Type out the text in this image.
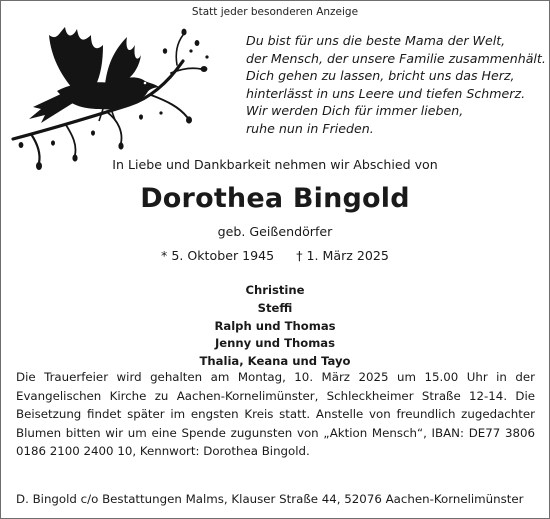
Statt jeder besonderen Anzeige
Du bist für uns die beste Mama der Welt,
der Mensch, der unsere Familie zusammenhält.
Dich gehen zu lassen, bricht uns das Herz,
hinterlässt in uns Leere und tiefen Schmerz.
Wir werden Dich für immer lieben,
ruhe nun in Frieden.
In Liebe und Dankbarkeit nehmen wir Abschied von
Dorothea Bingold
geb. Geißendörfer
* 5. Oktober 1945 † 1. März 2025
Christine
Steffi
Ralph und Thomas
Jenny und Thomas
Thalia, Keana und Tayo
Die Trauerfeier wird gehalten am Montag, 10. März 2025 um 15.00 Uhr in der Evangelischen Kirche zu Aachen-Kornelimünster, Schleckheimer Straße 12-14. Die Beisetzung findet später im engsten Kreis statt. Anstelle von freundlich zugedachter Blumen bitten wir um eine Spende zugunsten von „Aktion Mensch“, IBAN: DE77 3806 0186 2100 2400 10, Kennwort: Dorothea Bingold.
D. Bingold c/o Bestattungen Malms, Klauser Straße 44, 52076 Aachen-Kornelimünster
